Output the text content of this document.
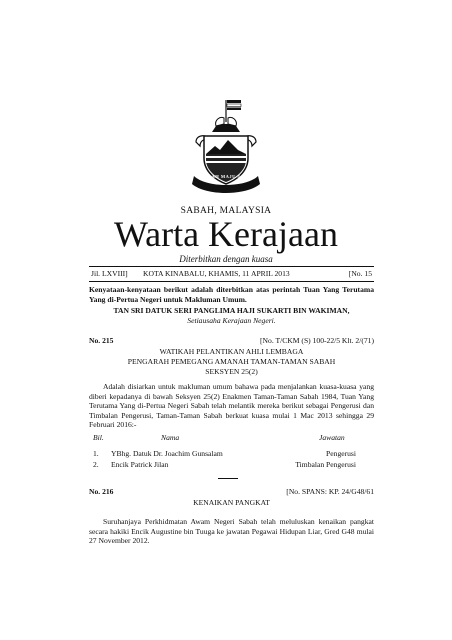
SABAH MAJU JAYA
SABAH, MALAYSIA
Warta Kerajaan
Diterbitkan dengan kuasa
Jil. LXVIII] KOTA KINABALU, KHAMIS, 11 APRIL 2013	[No. 15
Kenyataan-kenyataan berikut adalah diterbitkan atas perintah Tuan Yang Terutama Yang di-Pertua Negeri untuk Makluman Umum.
TAN SRI DATUK SERI PANGLIMA HAJI SUKARTI BIN WAKIMAN,
Setiausaha Kerajaan Negeri.
No. 215	[No. T/CKM (S) 100-22/5 Klt. 2/(71)
WATIKAH PELANTIKAN AHLI LEMBAGA
PENGARAH PEMEGANG AMANAH TAMAN-TAMAN SABAH
SEKSYEN 25(2)
Adalah disiarkan untuk makluman umum bahawa pada menjalankan kuasa-kuasa yang diberi kepadanya di bawah Seksyen 25(2) Enakmen Taman-Taman Sabah 1984, Tuan Yang Terutama Yang di-Pertua Negeri Sabah telah melantik mereka berikut sebagai Pengerusi dan Timbalan Pengerusi, Taman-Taman Sabah berkuat kuasa mulai 1 Mac 2013 sehingga 29 Februari 2016:-
Bil.	Nama	Jawatan
1. YBhg. Datuk Dr. Joachim Gunsalam	Pengerusi
2. Encik Patrick Jilan	Timbalan Pengerusi
No. 216	[No. SPANS: KP. 24/G48/61
KENAIKAN PANGKAT
Suruhanjaya Perkhidmatan Awam Negeri Sabah telah meluluskan kenaikan pangkat secara hakiki Encik Augustine bin Tuuga ke jawatan Pegawai Hidupan Liar, Gred G48 mulai 27 November 2012.
